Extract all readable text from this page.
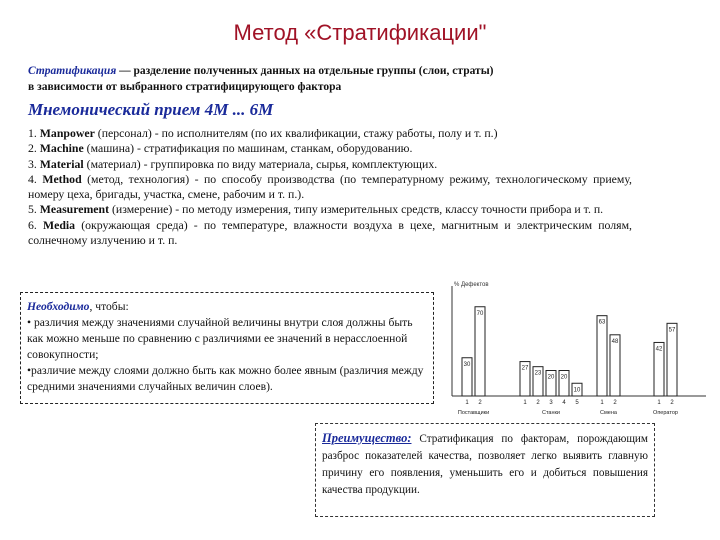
Метод «Стратификации"
Стратификация — разделение полученных данных на отдельные группы (слои, страты)
в зависимости от выбранного стратифицирующего фактора
Мнемонический прием 4М ... 6М
1. Manpower (персонал) - по исполнителям (по их квалификации, стажу работы, полу и т. п.)
2. Machine (машина) - стратификация по машинам, станкам, оборудованию.
3. Material (материал) - группировка по виду материала, сырья, комплектующих.
4. Method (метод, технология) - по способу производства (по температурному режиму, технологическому приему, номеру цеха, бригады, участка, смене, рабочим и т. п.).
5. Measurement (измерение) - по методу измерения, типу измерительных средств, классу точности прибора и т. п.
6. Media (окружающая среда) - по температуре, влажности воздуха в цехе, магнитным и электрическим полям, солнечному излучению и т. п.
Необходимо, чтобы:
• различия между значениями случайной величины внутри слоя должны быть как можно меньше по сравнению с различиями ее значений в нерасслоенной совокупности;
•различие между слоями должно быть как можно более явным (различия между средними значениями случайных величин слоев).
% Дефектов
30
1
70
2
Поставщики
27
1
23
2
20
3
20
4
10
5
Станки
63
1
48
2
Смена
42
1
57
2
Оператор
Преимущество: Стратификация по факторам, порождающим разброс показателей качества, позволяет легко выявить главную причину его появления, уменьшить его и добиться повышения качества продукции.
